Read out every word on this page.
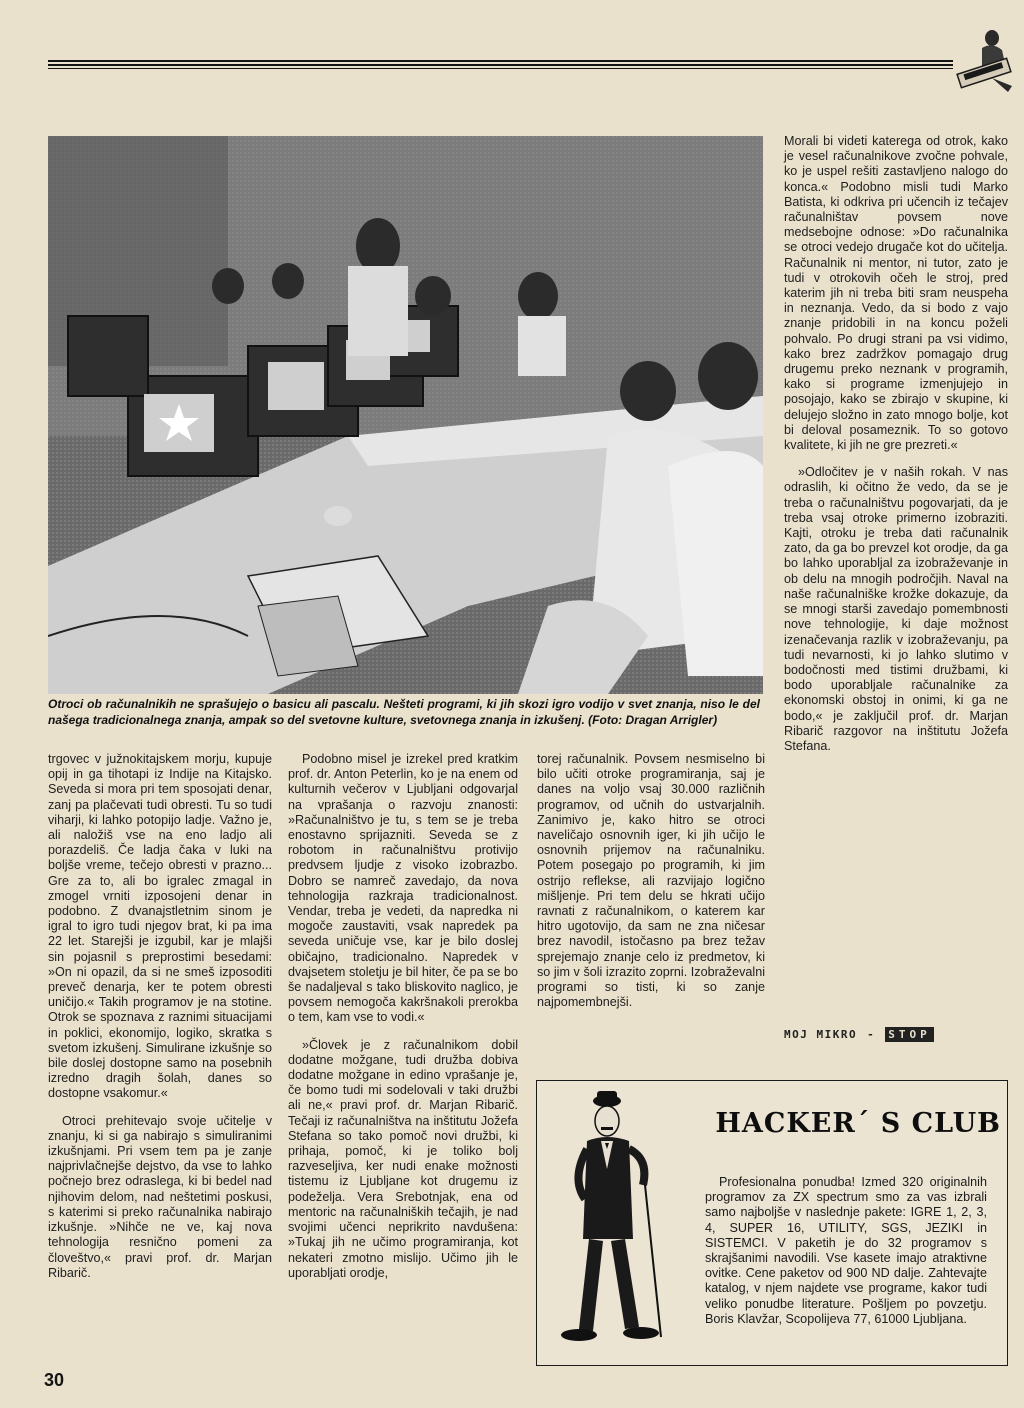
Otroci ob računalnikih ne sprašujejo o basicu ali pascalu. Nešteti programi, ki jih skozi igro vodijo v svet znanja, niso le del našega tradicionalnega znanja, ampak so del svetovne kulture, svetovnega znanja in izkušenj. (Foto: Dragan Arrigler)

trgovec v južnokitajskem morju, kupuje opij in ga tihotapi iz Indije na Kitajsko. Seveda si mora pri tem sposojati denar, zanj pa plačevati tudi obresti. Tu so tudi viharji, ki lahko potopijo ladje. Važno je, ali naložiš vse na eno ladjo ali porazdeliš. Če ladja čaka v luki na boljše vreme, tečejo obresti v prazno... Gre za to, ali bo igralec zmagal in zmogel vrniti izposojeni denar in podobno. Z dvanajstletnim sinom je igral to igro tudi njegov brat, ki pa ima 22 let. Starejši je izgubil, kar je mlajši sin pojasnil s preprostimi besedami: »On ni opazil, da si ne smeš izposoditi preveč denarja, ker te potem obresti uničijo.« Takih programov je na stotine. Otrok se spoznava z raznimi situacijami in poklici, ekonomijo, logiko, skratka s svetom izkušenj. Simulirane izkušnje so bile doslej dostopne samo na posebnih izredno dragih šolah, danes so dostopne vsakomur.«

Otroci prehitevajo svoje učitelje v znanju, ki si ga nabirajo s simuliranimi izkušnjami. Pri vsem tem pa je zanje najprivlačnejše dejstvo, da vse to lahko počnejo brez odraslega, ki bi bedel nad njihovim delom, nad neštetimi poskusi, s katerimi si preko računalnika nabirajo izkušnje. »Nihče ne ve, kaj nova tehnologija resnično pomeni za človeštvo,« pravi prof. dr. Marjan Ribarič.

Podobno misel je izrekel pred kratkim prof. dr. Anton Peterlin, ko je na enem od kulturnih večerov v Ljubljani odgovarjal na vprašanja o razvoju znanosti: »Računalništvo je tu, s tem se je treba enostavno sprijazniti. Seveda se z robotom in računalništvu protivijo predvsem ljudje z visoko izobrazbo. Dobro se namreč zavedajo, da nova tehnologija razkraja tradicionalnost. Vendar, treba je vedeti, da napredka ni mogoče zaustaviti, vsak napredek pa seveda uničuje vse, kar je bilo doslej običajno, tradicionalno. Napredek v dvajsetem stoletju je bil hiter, če pa se bo še nadaljeval s tako bliskovito naglico, je povsem nemogoča kakršnakoli prerokba o tem, kam vse to vodi.«

»Človek je z računalnikom dobil dodatne možgane, tudi družba dobiva dodatne možgane in edino vprašanje je, če bomo tudi mi sodelovali v taki družbi ali ne,« pravi prof. dr. Marjan Ribarič. Tečaji iz računalništva na inštitutu Jožefa Stefana so tako pomoč novi družbi, ki prihaja, pomoč, ki je toliko bolj razveseljiva, ker nudi enake možnosti tistemu iz Ljubljane kot drugemu iz podeželja. Vera Srebotnjak, ena od mentoric na računalniških tečajih, je nad svojimi učenci neprikrito navdušena: »Tukaj jih ne učimo programiranja, kot nekateri zmotno mislijo. Učimo jih le uporabljati orodje,

torej računalnik. Povsem nesmiselno bi bilo učiti otroke programiranja, saj je danes na voljo vsaj 30.000 različnih programov, od učnih do ustvarjalnih. Zanimivo je, kako hitro se otroci naveličajo osnovnih iger, ki jih učijo le osnovnih prijemov na računalniku. Potem posegajo po programih, ki jim ostrijo reflekse, ali razvijajo logično mišljenje. Pri tem delu se hkrati učijo ravnati z računalnikom, o katerem kar hitro ugotovijo, da sam ne zna ničesar brez navodil, istočasno pa brez težav sprejemajo znanje celo iz predmetov, ki so jim v šoli izrazito zoprni. Izobraževalni programi so tisti, ki so zanje najpomembnejši.

Morali bi videti katerega od otrok, kako je vesel računalnikove zvočne pohvale, ko je uspel rešiti zastavljeno nalogo do konca.« Podobno misli tudi Marko Batista, ki odkriva pri učencih iz tečajev računalništav povsem nove medsebojne odnose: »Do računalnika se otroci vedejo drugače kot do učitelja. Računalnik ni mentor, ni tutor, zato je tudi v otrokovih očeh le stroj, pred katerim jih ni treba biti sram neuspeha in neznanja. Vedo, da si bodo z vajo znanje pridobili in na koncu poželi pohvalo. Po drugi strani pa vsi vidimo, kako brez zadržkov pomagajo drug drugemu preko neznank v programih, kako si programe izmenjujejo in posojajo, kako se zbirajo v skupine, ki delujejo složno in zato mnogo bolje, kot bi deloval posameznik. To so gotovo kvalitete, ki jih ne gre prezreti.«

»Odločitev je v naših rokah. V nas odraslih, ki očitno že vedo, da se je treba o računalništvu pogovarjati, da je treba vsaj otroke primerno izobraziti. Kajti, otroku je treba dati računalnik zato, da ga bo prevzel kot orodje, da ga bo lahko uporabljal za izobraževanje in ob delu na mnogih področjih. Naval na naše računalniške krožke dokazuje, da se mnogi starši zavedajo pomembnosti nove tehnologije, ki daje možnost izenačevanja razlik v izobraževanju, pa tudi nevarnosti, ki jo lahko slutimo v bodočnosti med tistimi družbami, ki bodo uporabljale računalnike za ekonomski obstoj in onimi, ki ga ne bodo,« je zaključil prof. dr. Marjan Ribarič razgovor na inštitutu Jožefa Stefana.

MOJ MIKRO - STOP
HACKER´ S CLUB
Profesionalna ponudba! Izmed 320 originalnih programov za ZX spectrum smo za vas izbrali samo najboljše v naslednje pakete: IGRE 1, 2, 3, 4, SUPER 16, UTILITY, SGS, JEZIKI in SISTEMCI. V paketih je do 32 programov s skrajšanimi navodili. Vse kasete imajo atraktivne ovitke. Cene paketov od 900 ND dalje. Zahtevajte katalog, v njem najdete vse programe, kakor tudi veliko ponudbe literature. Pošljem po povzetju. Boris Klavžar, Scopolijeva 77, 61000 Ljubljana.
30
